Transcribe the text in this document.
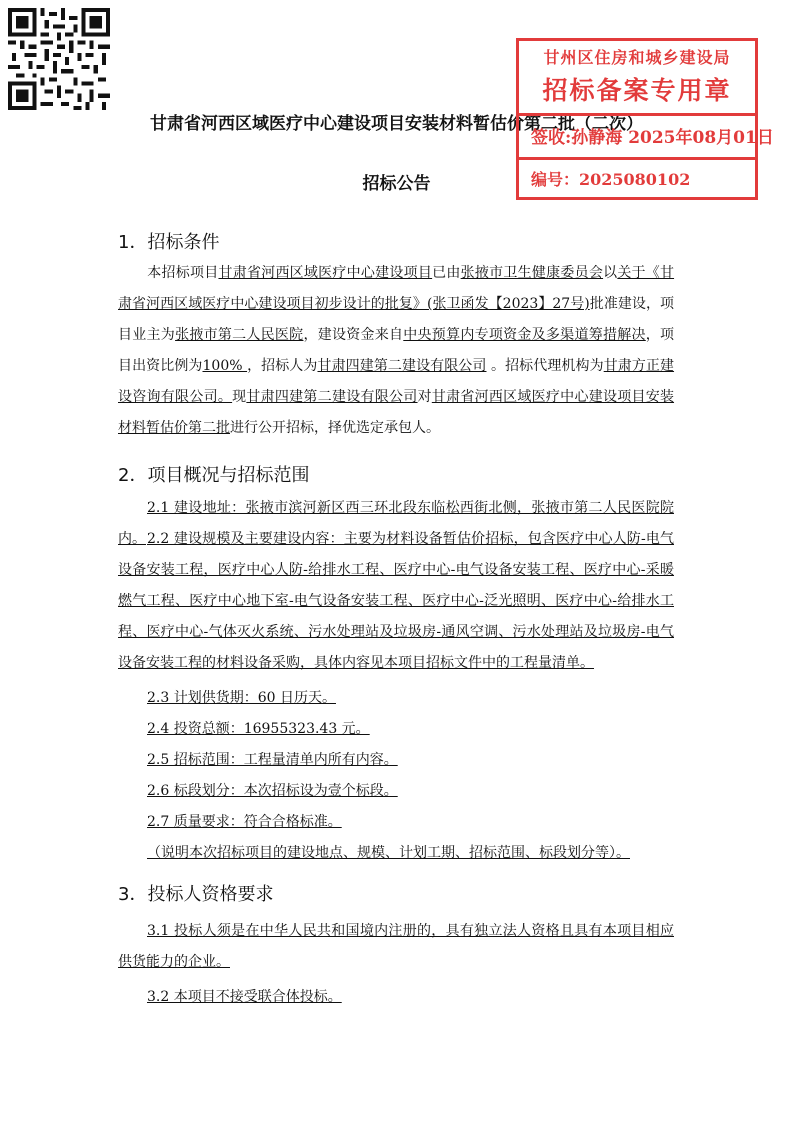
甘肃省河西区域医疗中心建设项目安装材料暂估价第二批（二次）
招标公告
甘州区住房和城乡建设局
招标备案专用章
签收:孙静海 2025年08月01日
编号：2025080102
1．招标条件
本招标项目甘肃省河西区域医疗中心建设项目已由张掖市卫生健康委员会以关于《甘肃省河西区域医疗中心建设项目初步设计的批复》(张卫函发【2023】27号)批准建设，项目业主为张掖市第二人民医院，建设资金来自中央预算内专项资金及多渠道筹措解决，项目出资比例为100% ，招标人为甘肃四建第二建设有限公司 。招标代理机构为甘肃方正建设咨询有限公司。现甘肃四建第二建设有限公司对甘肃省河西区域医疗中心建设项目安装材料暂估价第二批进行公开招标，择优选定承包人。
2．项目概况与招标范围
2.1 建设地址：张掖市滨河新区西三环北段东临松西街北侧，张掖市第二人民医院院内。 2.2 建设规模及主要建设内容：主要为材料设备暂估价招标，包含医疗中心人防-电气设备安装工程，医疗中心人防-给排水工程、医疗中心-电气设备安装工程、医疗中心-采暖燃气工程、医疗中心地下室-电气设备安装工程、医疗中心-泛光照明、医疗中心-给排水工程、医疗中心-气体灭火系统、污水处理站及垃圾房-通风空调、污水处理站及垃圾房-电气设备安装工程的材料设备采购，具体内容见本项目招标文件中的工程量清单。
2.3 计划供货期：60 日历天。
2.4 投资总额：16955323.43 元。
2.5 招标范围：工程量清单内所有内容。
2.6 标段划分：本次招标设为壹个标段。
2.7 质量要求：符合合格标准。
（说明本次招标项目的建设地点、规模、计划工期、招标范围、标段划分等）。
3．投标人资格要求
3.1 投标人须是在中华人民共和国境内注册的，具有独立法人资格且具有本项目相应供货能力的企业。
3.2 本项目不接受联合体投标。
